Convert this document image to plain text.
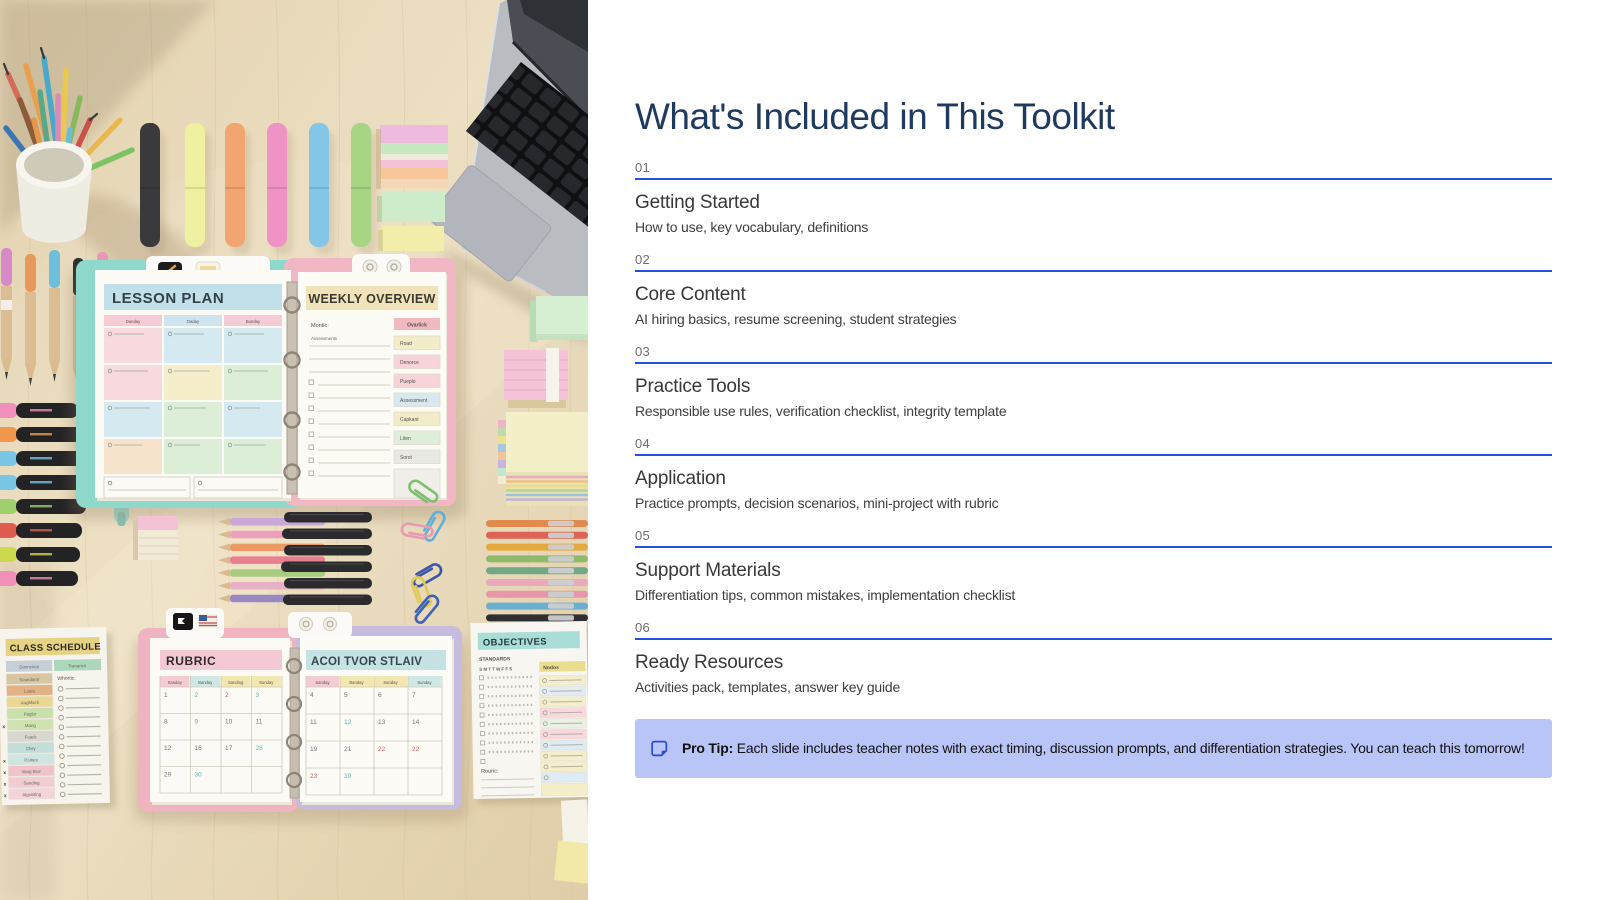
LESSON PLAN
Danday	Daday	Bunday
WEEKLY OVERVIEW
Montic:
Assessments
Ovarlick
Road
Denorce
Pueplo
Assessment
Capkant
Liten
Sorot
CLASS SCHEDULE
Donncivot	Tranancs
Soundarot
Loars
AugMack
Paglor
Mang
Foack
Obry
Poines
Vang Bror
Sanding
Algvisting
x
x
x
x
x
Whortic:
RUBRIC
Sanday	Banday	Sanding	Sunday
1	2	2	3
8	9	10	11
12	16	17	28
29	30
ACOI TVOR STLAIV
Sanday	Banday	Sanday	Sunday
4	5	6	7
11	12	13	14
19	21	22	22
23	39
OBJECTIVES
STANDARDS
S M T T W F F S	Nodos
Rouric:
What's Included in This Toolkit
01
Getting Started

How to use, key vocabulary, definitions

02
Core Content

AI hiring basics, resume screening, student strategies

03
Practice Tools

Responsible use rules, verification checklist, integrity template

04
Application

Practice prompts, decision scenarios, mini-project with rubric

05
Support Materials

Differentiation tips, common mistakes, implementation checklist

06
Ready Resources

Activities pack, templates, answer key guide

Pro Tip: Each slide includes teacher notes with exact timing, discussion prompts, and differentiation strategies. You can teach this tomorrow!
